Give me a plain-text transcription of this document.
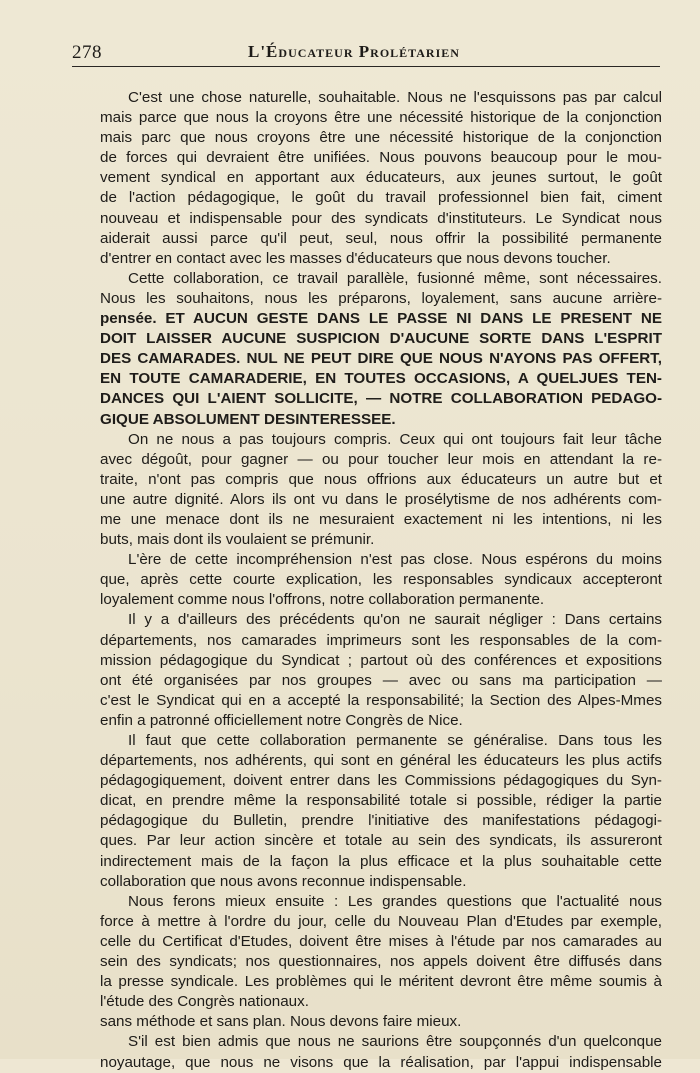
278	L'Éducateur Prolétarien
C'est une chose naturelle, souhaitable. Nous ne l'esquissons pas par calcul
mais parce que nous la croyons être une nécessité historique de la conjonction
mais parc que nous croyons être une nécessité historique de la conjonction
de forces qui devraient être unifiées. Nous pouvons beaucoup pour le mou-
vement syndical en apportant aux éducateurs, aux jeunes surtout, le goût
de l'action pédagogique, le goût du travail professionnel bien fait, ciment
nouveau et indispensable pour des syndicats d'instituteurs. Le Syndicat nous
aiderait aussi parce qu'il peut, seul, nous offrir la possibilité permanente
d'entrer en contact avec les masses d'éducateurs que nous devons toucher.
Cette collaboration, ce travail parallèle, fusionné même, sont nécessaires.
Nous les souhaitons, nous les préparons, loyalement, sans aucune arrière-
pensée. ET AUCUN GESTE DANS LE PASSE NI DANS LE PRESENT NE
DOIT LAISSER AUCUNE SUSPICION D'AUCUNE SORTE DANS L'ESPRIT
DES CAMARADES. NUL NE PEUT DIRE QUE NOUS N'AYONS PAS OFFERT,
EN TOUTE CAMARADERIE, EN TOUTES OCCASIONS, A QUELJUES TEN-
DANCES QUI L'AIENT SOLLICITE, — NOTRE COLLABORATION PEDAGO-
GIQUE ABSOLUMENT DESINTERESSEE.
On ne nous a pas toujours compris. Ceux qui ont toujours fait leur tâche
avec dégoût, pour gagner — ou pour toucher leur mois en attendant la re-
traite, n'ont pas compris que nous offrions aux éducateurs un autre but et
une autre dignité. Alors ils ont vu dans le prosélytisme de nos adhérents com-
me une menace dont ils ne mesuraient exactement ni les intentions, ni les
buts, mais dont ils voulaient se prémunir.
L'ère de cette incompréhension n'est pas close. Nous espérons du moins
que, après cette courte explication, les responsables syndicaux accepteront
loyalement comme nous l'offrons, notre collaboration permanente.
Il y a d'ailleurs des précédents qu'on ne saurait négliger : Dans certains
départements, nos camarades imprimeurs sont les responsables de la com-
mission pédagogique du Syndicat ; partout où des conférences et expositions
ont été organisées par nos groupes — avec ou sans ma participation —
c'est le Syndicat qui en a accepté la responsabilité; la Section des Alpes-Mmes
enfin a patronné officiellement notre Congrès de Nice.
Il faut que cette collaboration permanente se généralise. Dans tous les
départements, nos adhérents, qui sont en général les éducateurs les plus actifs
pédagogiquement, doivent entrer dans les Commissions pédagogiques du Syn-
dicat, en prendre même la responsabilité totale si possible, rédiger la partie
pédagogique du Bulletin, prendre l'initiative des manifestations pédagogi-
ques. Par leur action sincère et totale au sein des syndicats, ils assureront
indirectement mais de la façon la plus efficace et la plus souhaitable cette
collaboration que nous avons reconnue indispensable.
Nous ferons mieux ensuite : Les grandes questions que l'actualité nous
force à mettre à l'ordre du jour, celle du Nouveau Plan d'Etudes par exemple,
celle du Certificat d'Etudes, doivent être mises à l'étude par nos camarades au
sein des syndicats; nos questionnaires, nos appels doivent être diffusés dans
la presse syndicale. Les problèmes qui le méritent devront être même soumis à
l'étude des Congrès nationaux.
sans méthode et sans plan. Nous devons faire mieux.
S'il est bien admis que nous ne saurions être soupçonnés d'un quelconque
noyautage, que nous ne visons que la réalisation, par l'appui indispensable
